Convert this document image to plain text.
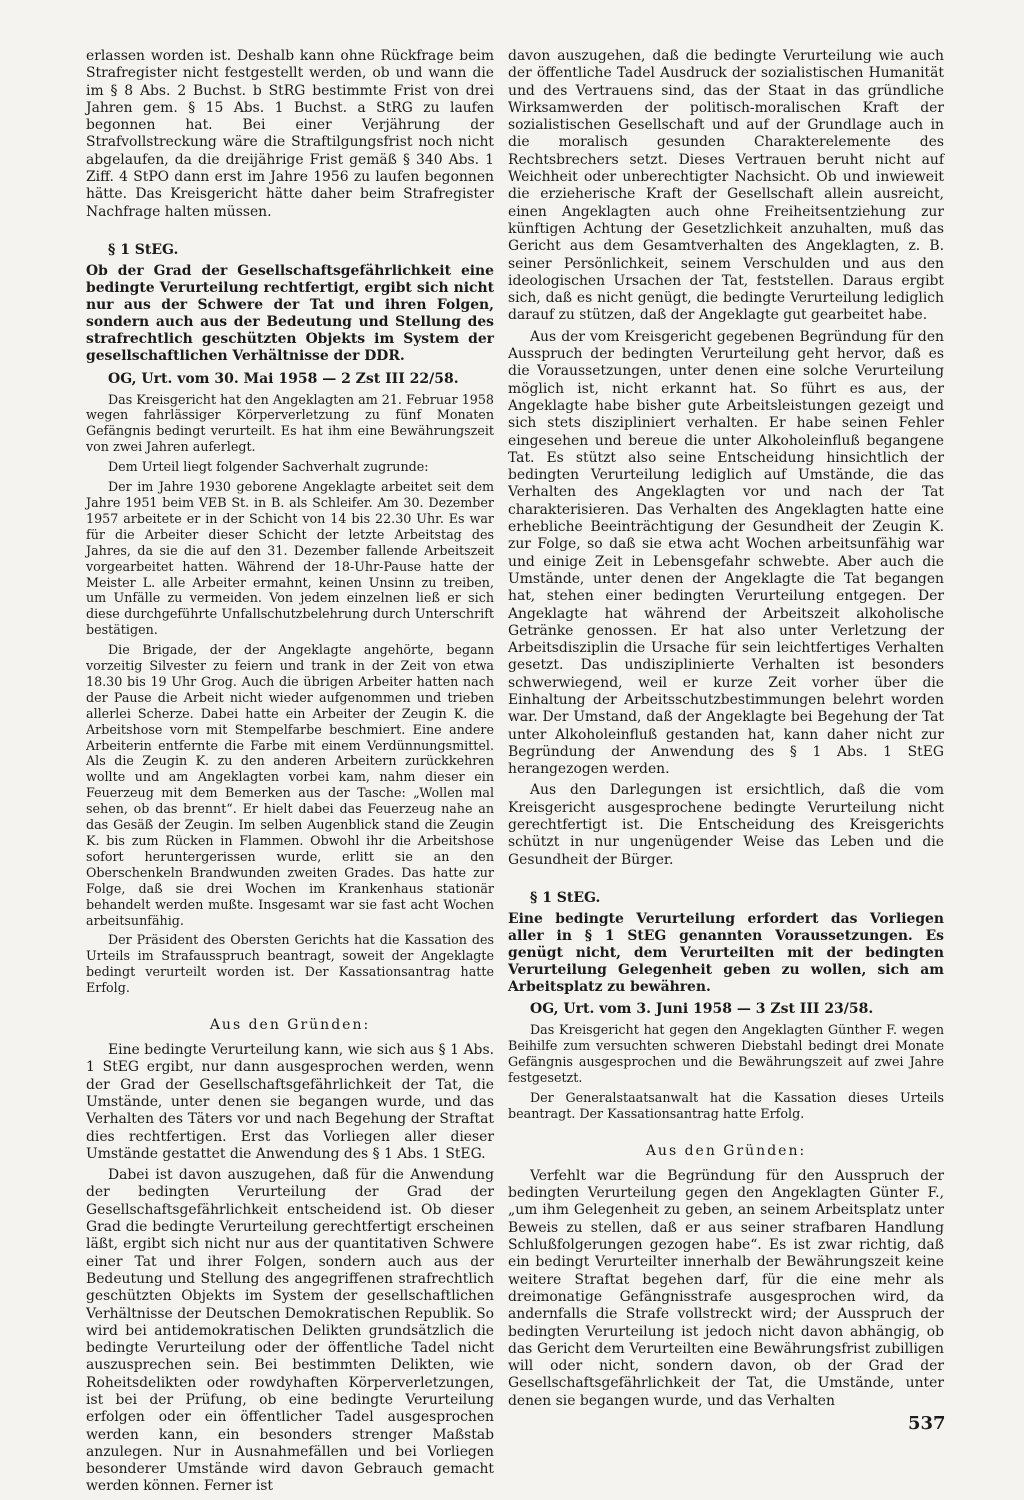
erlassen worden ist. Deshalb kann ohne Rückfrage beim Strafregister nicht festgestellt werden, ob und wann die im § 8 Abs. 2 Buchst. b StRG bestimmte Frist von drei Jahren gem. § 15 Abs. 1 Buchst. a StRG zu laufen begonnen hat. Bei einer Verjährung der Strafvollstreckung wäre die Straftilgungsfrist noch nicht abgelaufen, da die dreijährige Frist gemäß § 340 Abs. 1 Ziff. 4 StPO dann erst im Jahre 1956 zu laufen begonnen hätte. Das Kreisgericht hätte daher beim Strafregister Nachfrage halten müssen.

§ 1 StEG.

Ob der Grad der Gesellschaftsgefährlichkeit eine bedingte Verurteilung rechtfertigt, ergibt sich nicht nur aus der Schwere der Tat und ihren Folgen, sondern auch aus der Bedeutung und Stellung des strafrechtlich geschützten Objekts im System der gesellschaftlichen Verhältnisse der DDR.

OG, Urt. vom 30. Mai 1958 — 2 Zst III 22/58.

Das Kreisgericht hat den Angeklagten am 21. Februar 1958 wegen fahrlässiger Körperverletzung zu fünf Monaten Gefängnis bedingt verurteilt. Es hat ihm eine Bewährungszeit von zwei Jahren auferlegt.

Dem Urteil liegt folgender Sachverhalt zugrunde:

Der im Jahre 1930 geborene Angeklagte arbeitet seit dem Jahre 1951 beim VEB St. in B. als Schleifer. Am 30. Dezember 1957 arbeitete er in der Schicht von 14 bis 22.30 Uhr. Es war für die Arbeiter dieser Schicht der letzte Arbeitstag des Jahres, da sie die auf den 31. Dezember fallende Arbeitszeit vorgearbeitet hatten. Während der 18-Uhr-Pause hatte der Meister L. alle Arbeiter ermahnt, keinen Unsinn zu treiben, um Unfälle zu vermeiden. Von jedem einzelnen ließ er sich diese durchgeführte Unfallschutzbelehrung durch Unterschrift bestätigen.

Die Brigade, der der Angeklagte angehörte, begann vorzeitig Silvester zu feiern und trank in der Zeit von etwa 18.30 bis 19 Uhr Grog. Auch die übrigen Arbeiter hatten nach der Pause die Arbeit nicht wieder aufgenommen und trieben allerlei Scherze. Dabei hatte ein Arbeiter der Zeugin K. die Arbeitshose vorn mit Stempelfarbe beschmiert. Eine andere Arbeiterin entfernte die Farbe mit einem Verdünnungsmittel. Als die Zeugin K. zu den anderen Arbeitern zurückkehren wollte und am Angeklagten vorbei kam, nahm dieser ein Feuerzeug mit dem Bemerken aus der Tasche: „Wollen mal sehen, ob das brennt“. Er hielt dabei das Feuerzeug nahe an das Gesäß der Zeugin. Im selben Augenblick stand die Zeugin K. bis zum Rücken in Flammen. Obwohl ihr die Arbeitshose sofort heruntergerissen wurde, erlitt sie an den Oberschenkeln Brandwunden zweiten Grades. Das hatte zur Folge, daß sie drei Wochen im Krankenhaus stationär behandelt werden mußte. Insgesamt war sie fast acht Wochen arbeitsunfähig.

Der Präsident des Obersten Gerichts hat die Kassation des Urteils im Strafausspruch beantragt, soweit der Angeklagte bedingt verurteilt worden ist. Der Kassationsantrag hatte Erfolg.

Aus den Gründen:

Eine bedingte Verurteilung kann, wie sich aus § 1 Abs. 1 StEG ergibt, nur dann ausgesprochen werden, wenn der Grad der Gesellschaftsgefährlichkeit der Tat, die Umstände, unter denen sie begangen wurde, und das Verhalten des Täters vor und nach Begehung der Straftat dies rechtfertigen. Erst das Vorliegen aller dieser Umstände gestattet die Anwendung des § 1 Abs. 1 StEG.

Dabei ist davon auszugehen, daß für die Anwendung der bedingten Verurteilung der Grad der Gesellschaftsgefährlichkeit entscheidend ist. Ob dieser Grad die bedingte Verurteilung gerechtfertigt erscheinen läßt, ergibt sich nicht nur aus der quantitativen Schwere einer Tat und ihrer Folgen, sondern auch aus der Bedeutung und Stellung des angegriffenen strafrechtlich geschützten Objekts im System der gesellschaftlichen Verhältnisse der Deutschen Demokratischen Republik. So wird bei antidemokratischen Delikten grundsätzlich die bedingte Verurteilung oder der öffentliche Tadel nicht auszusprechen sein. Bei bestimmten Delikten, wie Roheitsdelikten oder rowdyhaften Körperverletzungen, ist bei der Prüfung, ob eine bedingte Verurteilung erfolgen oder ein öffentlicher Tadel ausgesprochen werden kann, ein besonders strenger Maßstab anzulegen. Nur in Ausnahmefällen und bei Vorliegen besonderer Umstände wird davon Gebrauch gemacht werden können. Ferner ist

davon auszugehen, daß die bedingte Verurteilung wie auch der öffentliche Tadel Ausdruck der sozialistischen Humanität und des Vertrauens sind, das der Staat in das gründliche Wirksamwerden der politisch-moralischen Kraft der sozialistischen Gesellschaft und auf der Grundlage auch in die moralisch gesunden Charakterelemente des Rechtsbrechers setzt. Dieses Vertrauen beruht nicht auf Weichheit oder unberechtigter Nachsicht. Ob und inwieweit die erzieherische Kraft der Gesellschaft allein ausreicht, einen Angeklagten auch ohne Freiheitsentziehung zur künftigen Achtung der Gesetzlichkeit anzuhalten, muß das Gericht aus dem Gesamtverhalten des Angeklagten, z. B. seiner Persönlichkeit, seinem Verschulden und aus den ideologischen Ursachen der Tat, feststellen. Daraus ergibt sich, daß es nicht genügt, die bedingte Verurteilung lediglich darauf zu stützen, daß der Angeklagte gut gearbeitet habe.

Aus der vom Kreisgericht gegebenen Begründung für den Ausspruch der bedingten Verurteilung geht hervor, daß es die Voraussetzungen, unter denen eine solche Verurteilung möglich ist, nicht erkannt hat. So führt es aus, der Angeklagte habe bisher gute Arbeitsleistungen gezeigt und sich stets diszipliniert verhalten. Er habe seinen Fehler eingesehen und bereue die unter Alkoholeinfluß begangene Tat. Es stützt also seine Entscheidung hinsichtlich der bedingten Verurteilung lediglich auf Umstände, die das Verhalten des Angeklagten vor und nach der Tat charakterisieren. Das Verhalten des Angeklagten hatte eine erhebliche Beeinträchtigung der Gesundheit der Zeugin K. zur Folge, so daß sie etwa acht Wochen arbeitsunfähig war und einige Zeit in Lebensgefahr schwebte. Aber auch die Umstände, unter denen der Angeklagte die Tat begangen hat, stehen einer bedingten Verurteilung entgegen. Der Angeklagte hat während der Arbeitszeit alkoholische Getränke genossen. Er hat also unter Verletzung der Arbeitsdisziplin die Ursache für sein leichtfertiges Verhalten gesetzt. Das undisziplinierte Verhalten ist besonders schwerwiegend, weil er kurze Zeit vorher über die Einhaltung der Arbeitsschutzbestimmungen belehrt worden war. Der Umstand, daß der Angeklagte bei Begehung der Tat unter Alkoholeinfluß gestanden hat, kann daher nicht zur Begründung der Anwendung des § 1 Abs. 1 StEG herangezogen werden.

Aus den Darlegungen ist ersichtlich, daß die vom Kreisgericht ausgesprochene bedingte Verurteilung nicht gerechtfertigt ist. Die Entscheidung des Kreisgerichts schützt in nur ungenügender Weise das Leben und die Gesundheit der Bürger.

§ 1 StEG.

Eine bedingte Verurteilung erfordert das Vorliegen aller in § 1 StEG genannten Voraussetzungen. Es genügt nicht, dem Verurteilten mit der bedingten Verurteilung Gelegenheit geben zu wollen, sich am Arbeitsplatz zu bewähren.

OG, Urt. vom 3. Juni 1958 — 3 Zst III 23/58.

Das Kreisgericht hat gegen den Angeklagten Günther F. wegen Beihilfe zum versuchten schweren Diebstahl bedingt drei Monate Gefängnis ausgesprochen und die Bewährungszeit auf zwei Jahre festgesetzt.

Der Generalstaatsanwalt hat die Kassation dieses Urteils beantragt. Der Kassationsantrag hatte Erfolg.

Aus den Gründen:

Verfehlt war die Begründung für den Ausspruch der bedingten Verurteilung gegen den Angeklagten Günter F., „um ihm Gelegenheit zu geben, an seinem Arbeitsplatz unter Beweis zu stellen, daß er aus seiner strafbaren Handlung Schlußfolgerungen gezogen habe“. Es ist zwar richtig, daß ein bedingt Verurteilter innerhalb der Bewährungszeit keine weitere Straftat begehen darf, für die eine mehr als dreimonatige Gefängnisstrafe ausgesprochen wird, da andernfalls die Strafe vollstreckt wird; der Ausspruch der bedingten Verurteilung ist jedoch nicht davon abhängig, ob das Gericht dem Verurteilten eine Bewährungsfrist zubilligen will oder nicht, sondern davon, ob der Grad der Gesellschaftsgefährlichkeit der Tat, die Umstände, unter denen sie begangen wurde, und das Verhalten

537
